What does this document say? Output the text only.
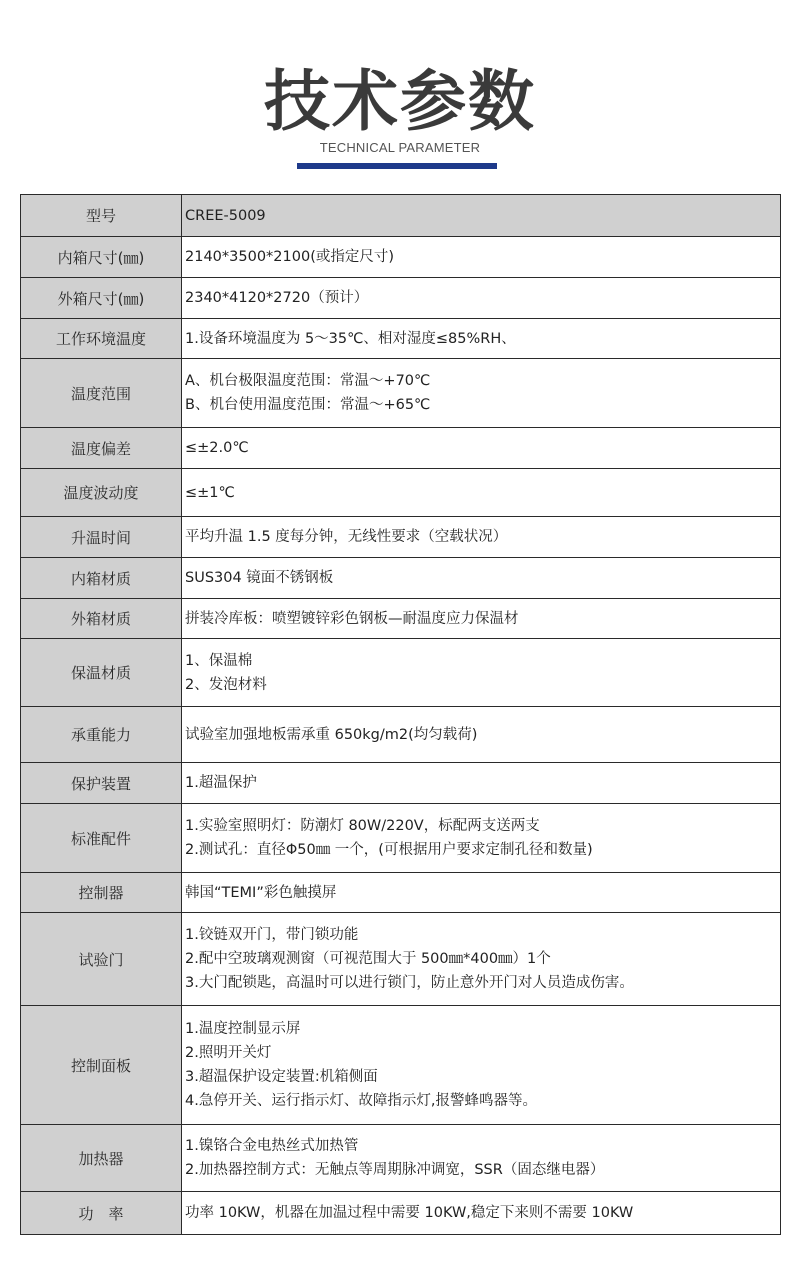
技术参数
TECHNICAL PARAMETER
型号	CREE-5009

内箱尺寸(㎜)	2140*3500*2100(或指定尺寸)

外箱尺寸(㎜)	2340*4120*2720（预计）

工作环境温度	1.设备环境温度为 5～35℃、相对湿度≤85%RH、

温度范围	A、机台极限温度范围：常温～+70℃
B、机台使用温度范围：常温～+65℃

温度偏差	≤±2.0℃

温度波动度	≤±1℃

升温时间	平均升温 1.5 度每分钟，无线性要求（空载状况）

内箱材质	SUS304 镜面不锈钢板

外箱材质	拼装冷库板：喷塑镀锌彩色钢板—耐温度应力保温材

保温材质	1、保温棉
2、发泡材料

承重能力	试验室加强地板需承重 650kg/m2(均匀载荷)

保护装置	1.超温保护

标准配件	1.实验室照明灯：防潮灯 80W/220V，标配两支送两支
2.测试孔：直径Φ50㎜ 一个，(可根据用户要求定制孔径和数量)

控制器	韩国“TEMI”彩色触摸屏

试验门	1.铰链双开门，带门锁功能
2.配中空玻璃观测窗（可视范围大于 500㎜*400㎜）1个
3.大门配锁匙，高温时可以进行锁门，防止意外开门对人员造成伤害。

控制面板	1.温度控制显示屏
2.照明开关灯
3.超温保护设定装置:机箱侧面
4.急停开关、运行指示灯、故障指示灯,报警蜂鸣器等。

加热器	1.镍铬合金电热丝式加热管
2.加热器控制方式：无触点等周期脉冲调宽，SSR（固态继电器）

功　率	功率 10KW，机器在加温过程中需要 10KW,稳定下来则不需要 10KW
